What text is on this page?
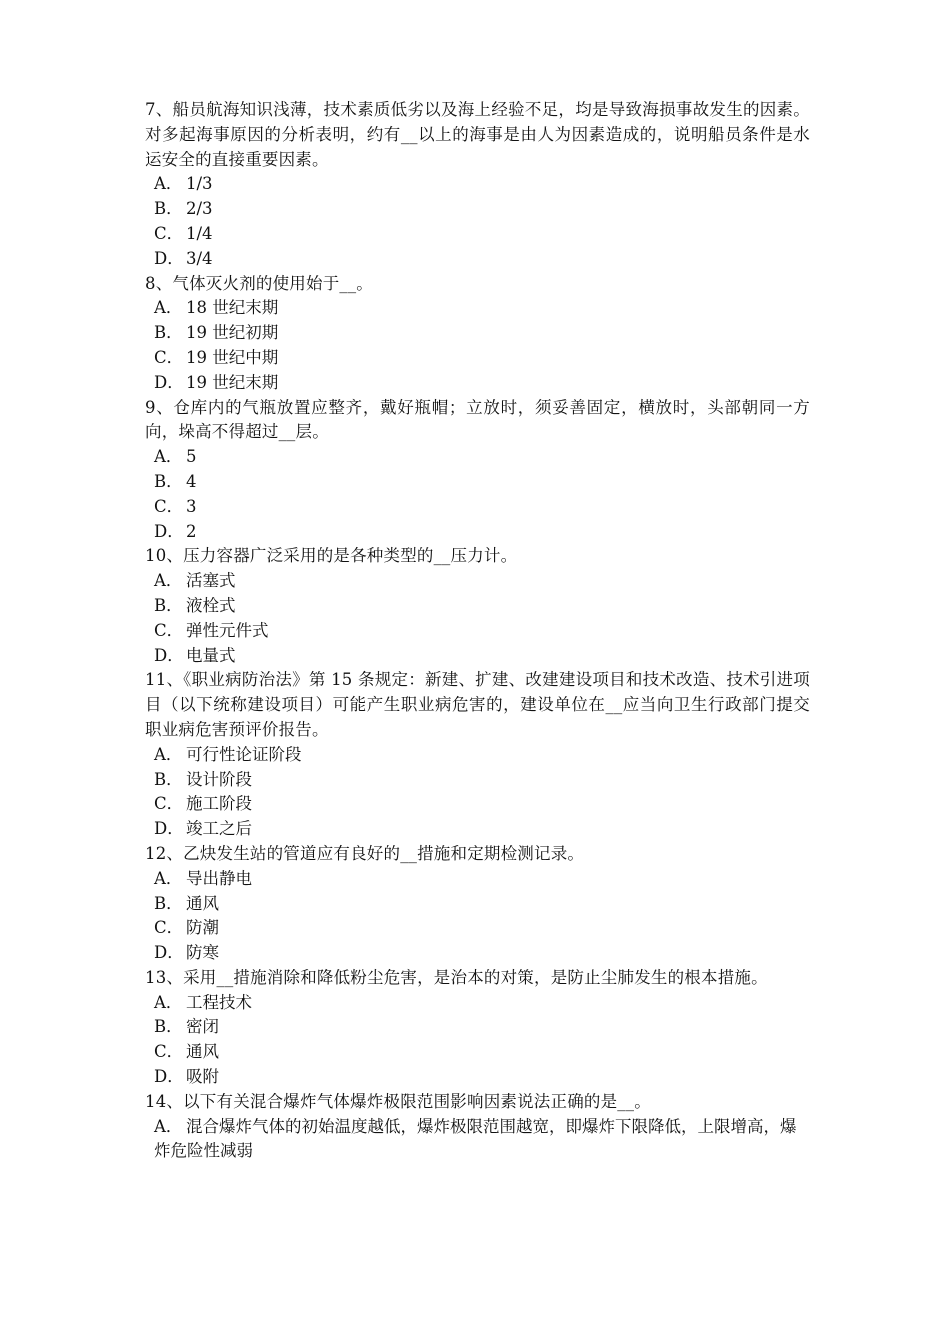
7、船员航海知识浅薄，技术素质低劣以及海上经验不足，均是导致海损事故发生的因素。对多起海事原因的分析表明，约有__以上的海事是由人为因素造成的，说明船员条件是水运安全的直接重要因素。
A． 1/3
B． 2/3
C． 1/4
D． 3/4
8、气体灭火剂的使用始于__。
A． 18 世纪末期
B． 19 世纪初期
C． 19 世纪中期
D． 19 世纪末期
9、仓库内的气瓶放置应整齐，戴好瓶帽；立放时，须妥善固定，横放时，头部朝同一方向，垛高不得超过__层。
A． 5
B． 4
C． 3
D． 2
10、压力容器广泛采用的是各种类型的__压力计。
A． 活塞式
B． 液栓式
C． 弹性元件式
D． 电量式
11、《职业病防治法》第 15 条规定：新建、扩建、改建建设项目和技术改造、技术引进项目（以下统称建设项目）可能产生职业病危害的，建设单位在__应当向卫生行政部门提交职业病危害预评价报告。
A． 可行性论证阶段
B． 设计阶段
C． 施工阶段
D． 竣工之后
12、乙炔发生站的管道应有良好的__措施和定期检测记录。
A． 导出静电
B． 通风
C． 防潮
D． 防寒
13、采用__措施消除和降低粉尘危害，是治本的对策，是防止尘肺发生的根本措施。
A． 工程技术
B． 密闭
C． 通风
D． 吸附
14、以下有关混合爆炸气体爆炸极限范围影响因素说法正确的是__。
A． 混合爆炸气体的初始温度越低，爆炸极限范围越宽，即爆炸下限降低，上限增高，爆炸危险性减弱
